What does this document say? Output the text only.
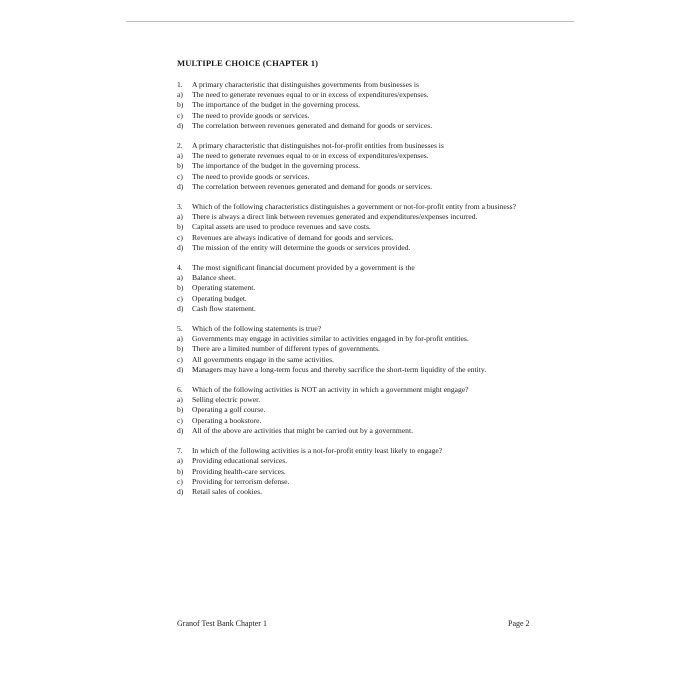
MULTIPLE CHOICE (CHAPTER 1)
1.	A primary characteristic that distinguishes governments from businesses is
a)	The need to generate revenues equal to or in excess of expenditures/expenses.
b)	The importance of the budget in the governing process.
c)	The need to provide goods or services.
d)	The correlation between revenues generated and demand for goods or services.
2.	A primary characteristic that distinguishes not-for-profit entities from businesses is
a)	The need to generate revenues equal to or in excess of expenditures/expenses.
b)	The importance of the budget in the governing process.
c)	The need to provide goods or services.
d)	The correlation between revenues generated and demand for goods or services.
3.	Which of the following characteristics distinguishes a government or not-for-profit entity from a business?
a)	There is always a direct link between revenues generated and expenditures/expenses incurred.
b)	Capital assets are used to produce revenues and save costs.
c)	Revenues are always indicative of demand for goods and services.
d)	The mission of the entity will determine the goods or services provided.
4.	The most significant financial document provided by a government is the
a)	Balance sheet.
b)	Operating statement.
c)	Operating budget.
d)	Cash flow statement.
5.	Which of the following statements is true?
a)	Governments may engage in activities similar to activities engaged in by for-profit entities.
b)	There are a limited number of different types of governments.
c)	All governments engage in the same activities.
d)	Managers may have a long-term focus and thereby sacrifice the short-term liquidity of the entity.
6.	Which of the following activities is NOT an activity in which a government might engage?
a)	Selling electric power.
b)	Operating a golf course.
c)	Operating a bookstore.
d)	All of the above are activities that might be carried out by a government.
7.	In which of the following activities is a not-for-profit entity least likely to engage?
a)	Providing educational services.
b)	Providing health-care services.
c)	Providing for terrorism defense.
d)	Retail sales of cookies.
Granof Test Bank Chapter 1	Page 2
